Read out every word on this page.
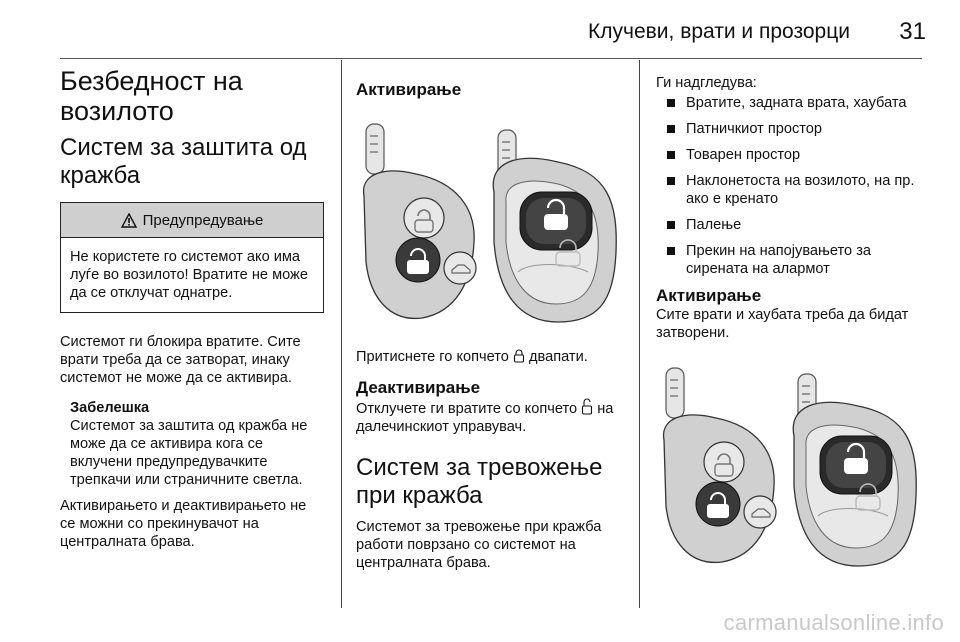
Клучеви, врати и прозорци 31
Безбедност на возилото
Систем за заштита од кражба
Предупредување
Не користете го системот ако има луѓе во возилото! Вратите не може да се отклучат однатре.

Системот ги блокира вратите. Сите врати треба да се затворат, инаку системот не може да се активира.

Забелешка

Системот за заштита од кражба не може да се активира кога се вклучени предупредувачките трепкачи или страничните светла.

Активирањето и деактивирањето не се можни со прекинувачот на централната брава.

Активирање

Притиснете го копчето двапати.

Деактивирање

Отклучете ги вратите со копчето на далечинскиот управувач.

Систем за тревожење при кражба

Системот за тревожење при кражба работи поврзано со системот на централната брава.

Ги надгледува:

Вратите, задната врата, хаубата
Патничкиот простор
Товарен простор
Наклонетоста на возилото, на пр. ако е кренато
Палење
Прекин на напојувањето за сирената на алармот
Активирање

Сите врати и хаубата треба да бидат затворени.

carmanualsonline.info
